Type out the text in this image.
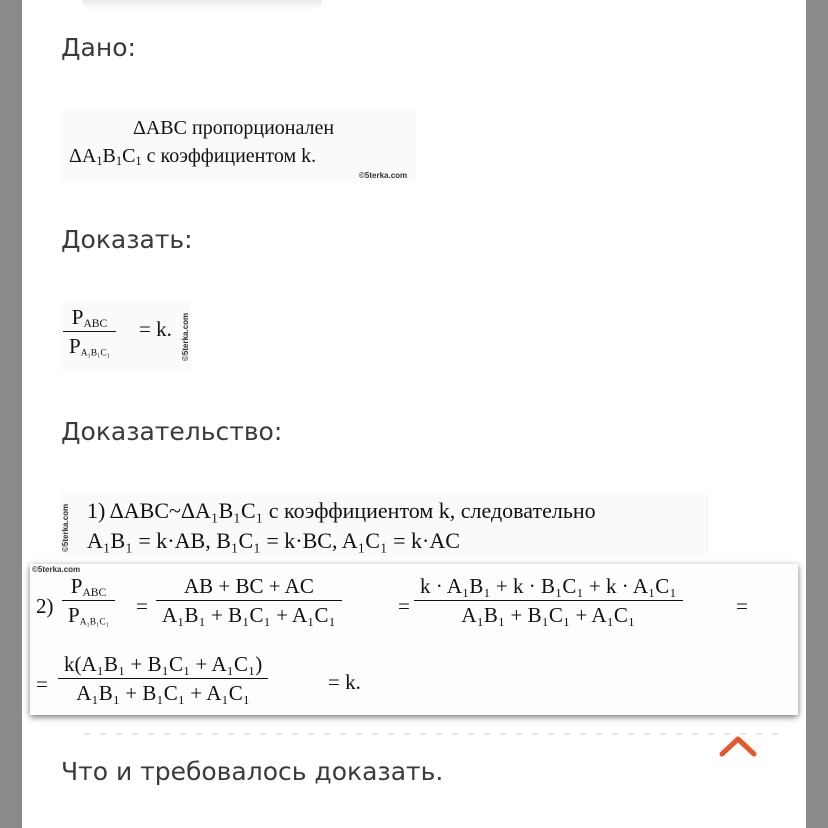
Дано:
ΔABC пропорционален
$\Delta A_1B_1C_1$ с коэффициентом k.
©5terka.com
Доказать:
$P_{ABC}$
$P_{A_1B_1C_1}$
= k. ©5terka.com
Доказательство:
©5terka.com 1) ΔABC~ΔA₁B₁C₁ с коэффициентом k, следовательно
A₁B₁ = k·AB, B₁C₁ = k·BC, A₁C₁ = k·AC
Что и требовалось доказать.
©5terka.com
2)
$P_{ABC}$
$P_{A_1B_1C_1}$
=
AB + BC + AC
A₁B₁ + B₁C₁ + A₁C₁	=
k · A₁B₁ + k · B₁C₁ + k · A₁C₁
A₁B₁ + B₁C₁ + A₁C₁	=
=
k(A₁B₁ + B₁C₁ + A₁C₁)
A₁B₁ + B₁C₁ + A₁C₁	= k.
